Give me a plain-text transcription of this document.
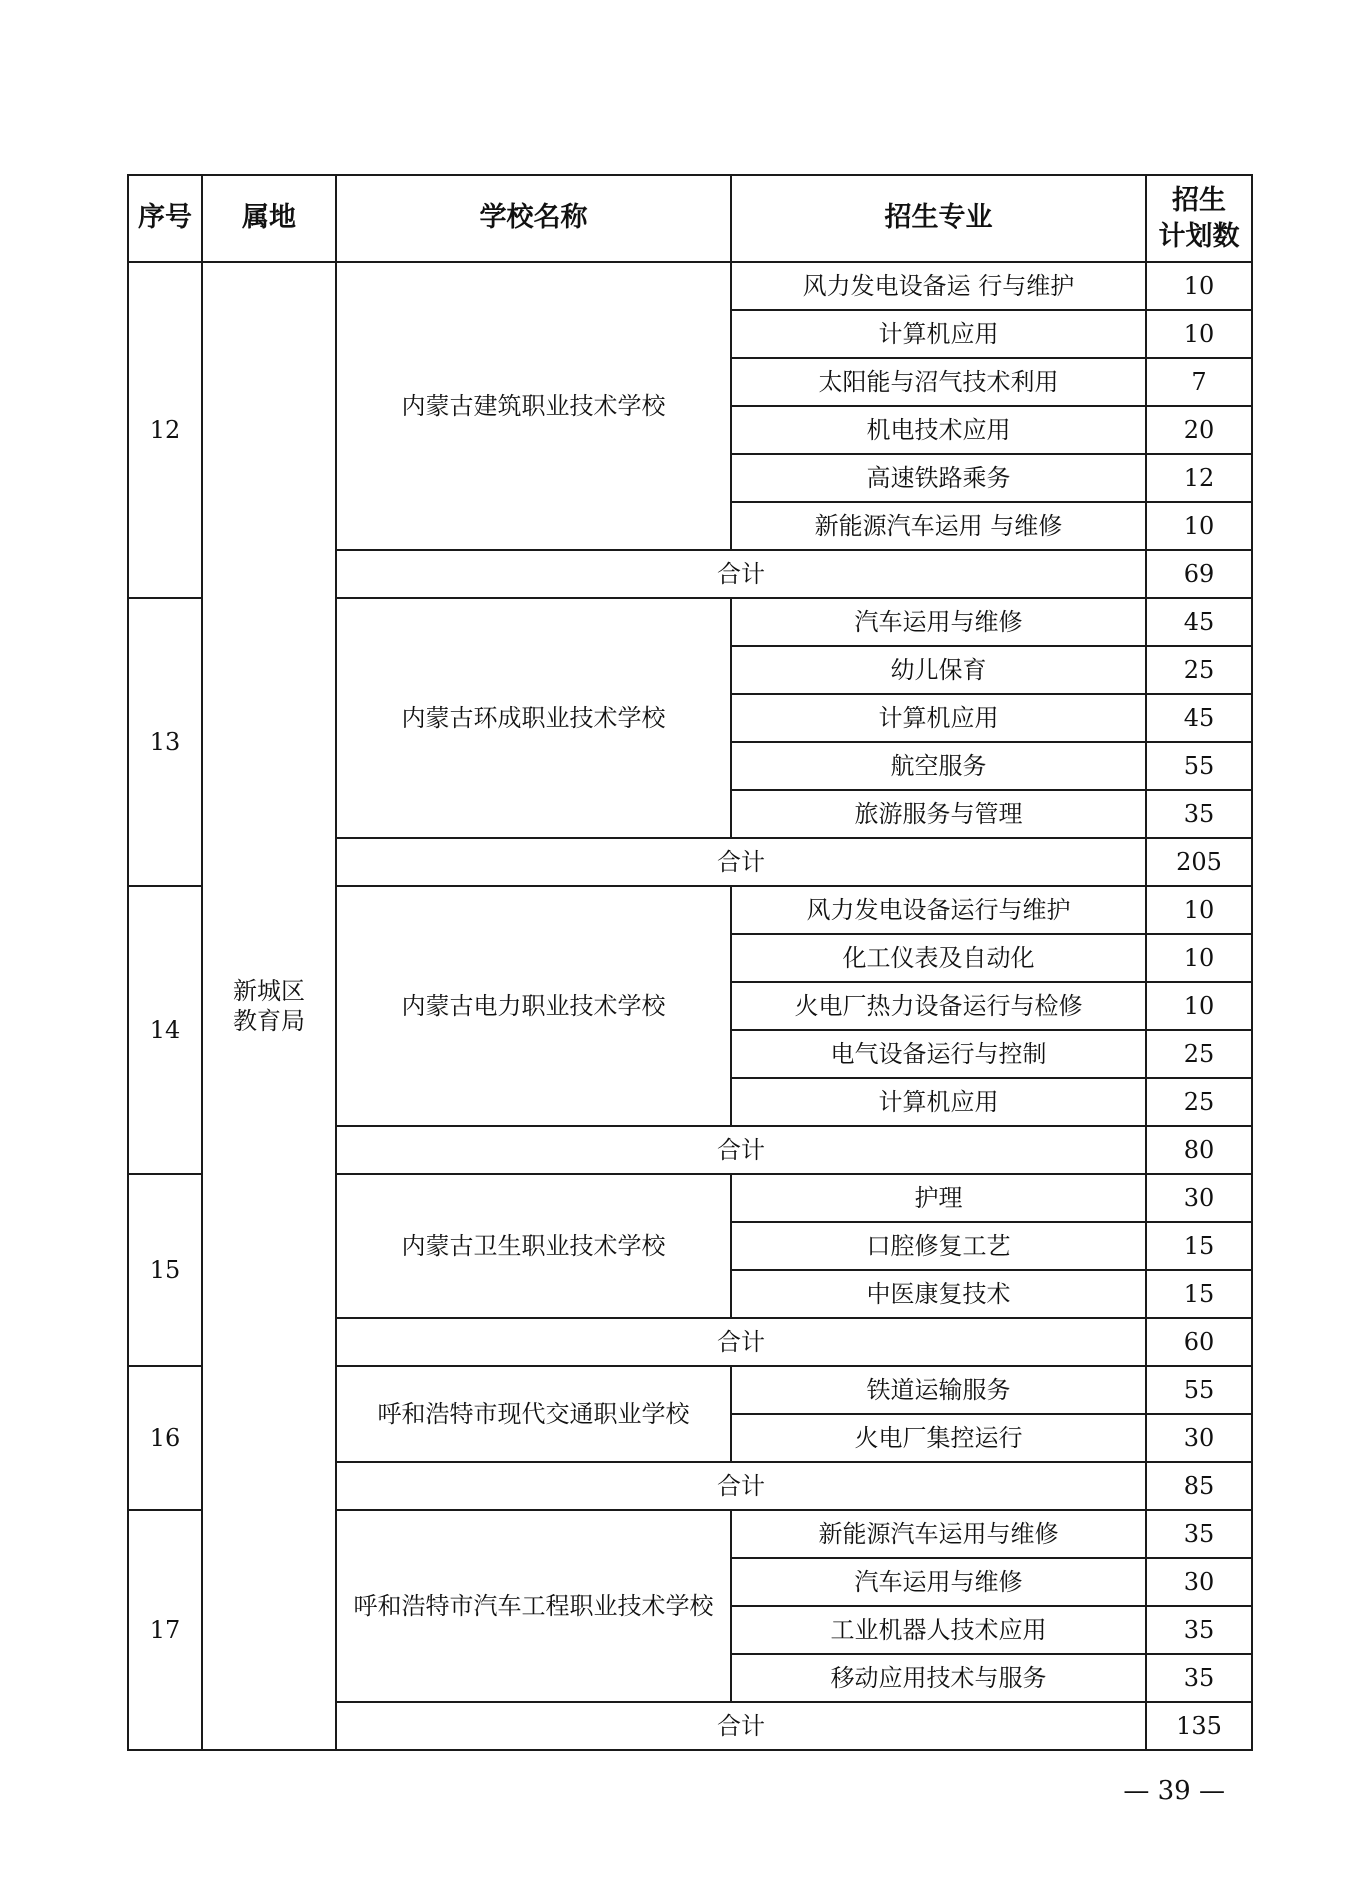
序号	属地	学校名称	招生专业	招生
计划数
12	新城区教育局	内蒙古建筑职业技术学校	风力发电设备运 行与维护	10
			计算机应用	10
			太阳能与沼气技术利用	7
			机电技术应用	20
			高速铁路乘务	12
			新能源汽车运用 与维修	10
		合计		69
13		内蒙古环成职业技术学校	汽车运用与维修	45
			幼儿保育	25
			计算机应用	45
			航空服务	55
			旅游服务与管理	35
		合计		205
14		内蒙古电力职业技术学校	风力发电设备运行与维护	10
			化工仪表及自动化	10
			火电厂热力设备运行与检修	10
			电气设备运行与控制	25
			计算机应用	25
		合计		80
15		内蒙古卫生职业技术学校	护理	30
			口腔修复工艺	15
			中医康复技术	15
		合计		60
16		呼和浩特市现代交通职业学校	铁道运输服务	55
			火电厂集控运行	30
		合计		85
17		呼和浩特市汽车工程职业技术学校	新能源汽车运用与维修	35
			汽车运用与维修	30
			工业机器人技术应用	35
			移动应用技术与服务	35
		合计		135
— 39 —
